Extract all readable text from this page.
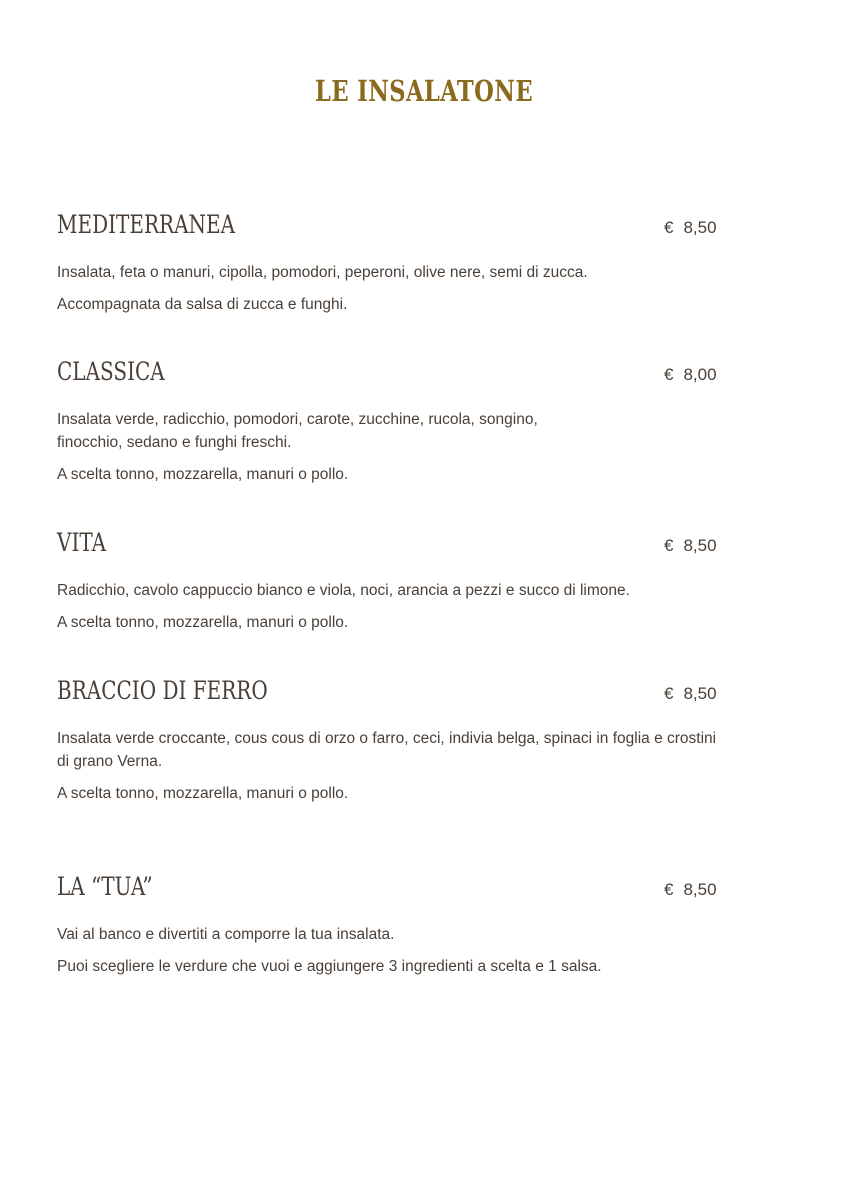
LE INSALATONE
MEDITERRANEA	€ 8,50

Insalata, feta o manuri, cipolla, pomodori, peperoni, olive nere, semi di zucca.

Accompagnata da salsa di zucca e funghi.

CLASSICA	€ 8,00

Insalata verde, radicchio, pomodori, carote, zucchine, rucola, songino, finocchio, sedano e funghi freschi.

A scelta tonno, mozzarella, manuri o pollo.

VITA	€ 8,50

Radicchio, cavolo cappuccio bianco e viola, noci, arancia a pezzi e succo di limone.

A scelta tonno, mozzarella, manuri o pollo.

BRACCIO DI FERRO	€ 8,50

Insalata verde croccante, cous cous di orzo o farro, ceci, indivia belga, spinaci in foglia e crostini di grano Verna.

A scelta tonno, mozzarella, manuri o pollo.

LA “TUA”	€ 8,50

Vai al banco e divertiti a comporre la tua insalata.

Puoi scegliere le verdure che vuoi e aggiungere 3 ingredienti a scelta e 1 salsa.
